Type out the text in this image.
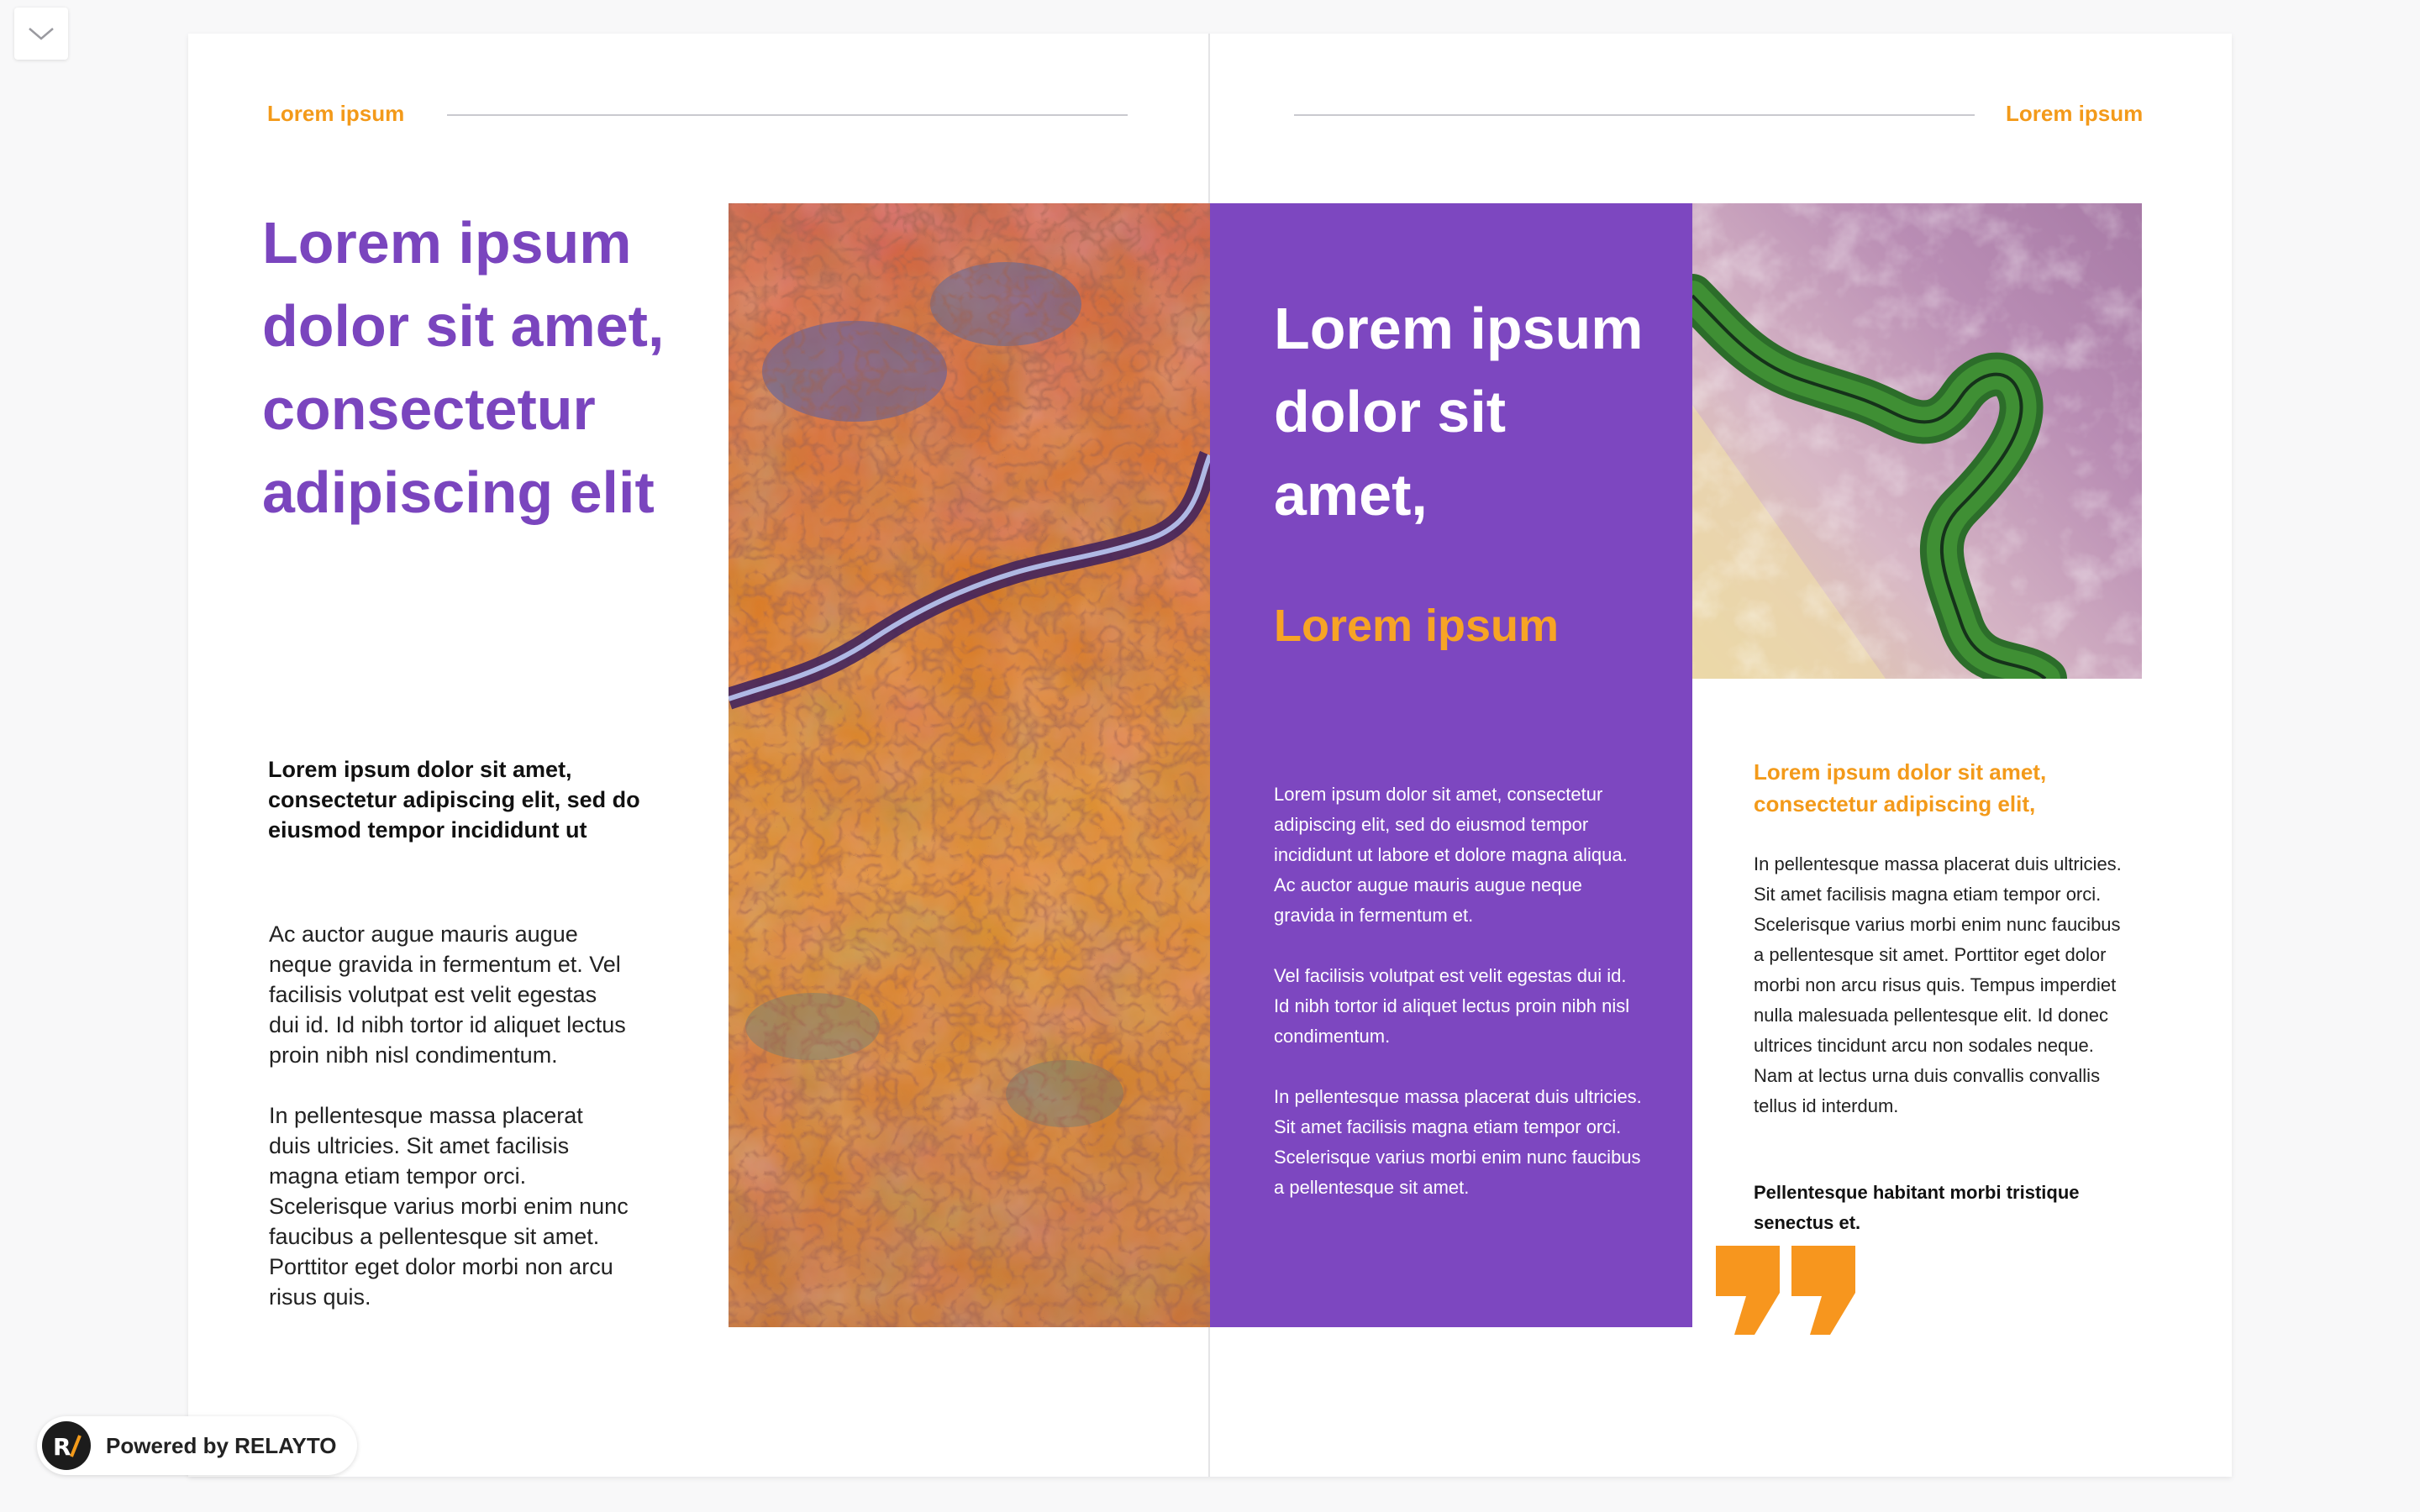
Lorem ipsum
Lorem ipsum dolor sit amet, consectetur adipiscing elit
Lorem ipsum dolor sit amet, consectetur adipiscing elit, sed do eiusmod tempor incididunt ut

Ac auctor augue mauris augue neque gravida in fermentum et. Vel facilisis volutpat est velit egestas dui id. Id nibh tortor id aliquet lectus proin nibh nisl condimentum.

In pellentesque massa placerat duis ultricies. Sit amet facilisis magna etiam tempor orci. Scelerisque varius morbi enim nunc faucibus a pellentesque sit amet. Porttitor eget dolor morbi non arcu risus quis.

Lorem ipsum
Lorem ipsum dolor sit amet,
Lorem ipsum

Lorem ipsum dolor sit amet, consectetur adipiscing elit, sed do eiusmod tempor incididunt ut labore et dolore magna aliqua. Ac auctor augue mauris augue neque gravida in fermentum et.

Vel facilisis volutpat est velit egestas dui id. Id nibh tortor id aliquet lectus proin nibh nisl condimentum.

In pellentesque massa placerat duis ultricies. Sit amet facilisis magna etiam tempor orci. Scelerisque varius morbi enim nunc faucibus a pellentesque sit amet.

Lorem ipsum dolor sit amet, consectetur adipiscing elit,

In pellentesque massa placerat duis ultricies. Sit amet facilisis magna etiam tempor orci. Scelerisque varius morbi enim nunc faucibus a pellentesque sit amet. Porttitor eget dolor morbi non arcu risus quis. Tempus imperdiet nulla malesuada pellentesque elit. Id donec ultrices tincidunt arcu non sodales neque. Nam at lectus urna duis convallis convallis tellus id interdum.

Pellentesque habitant morbi tristique senectus et.
R Powered by RELAYTO
